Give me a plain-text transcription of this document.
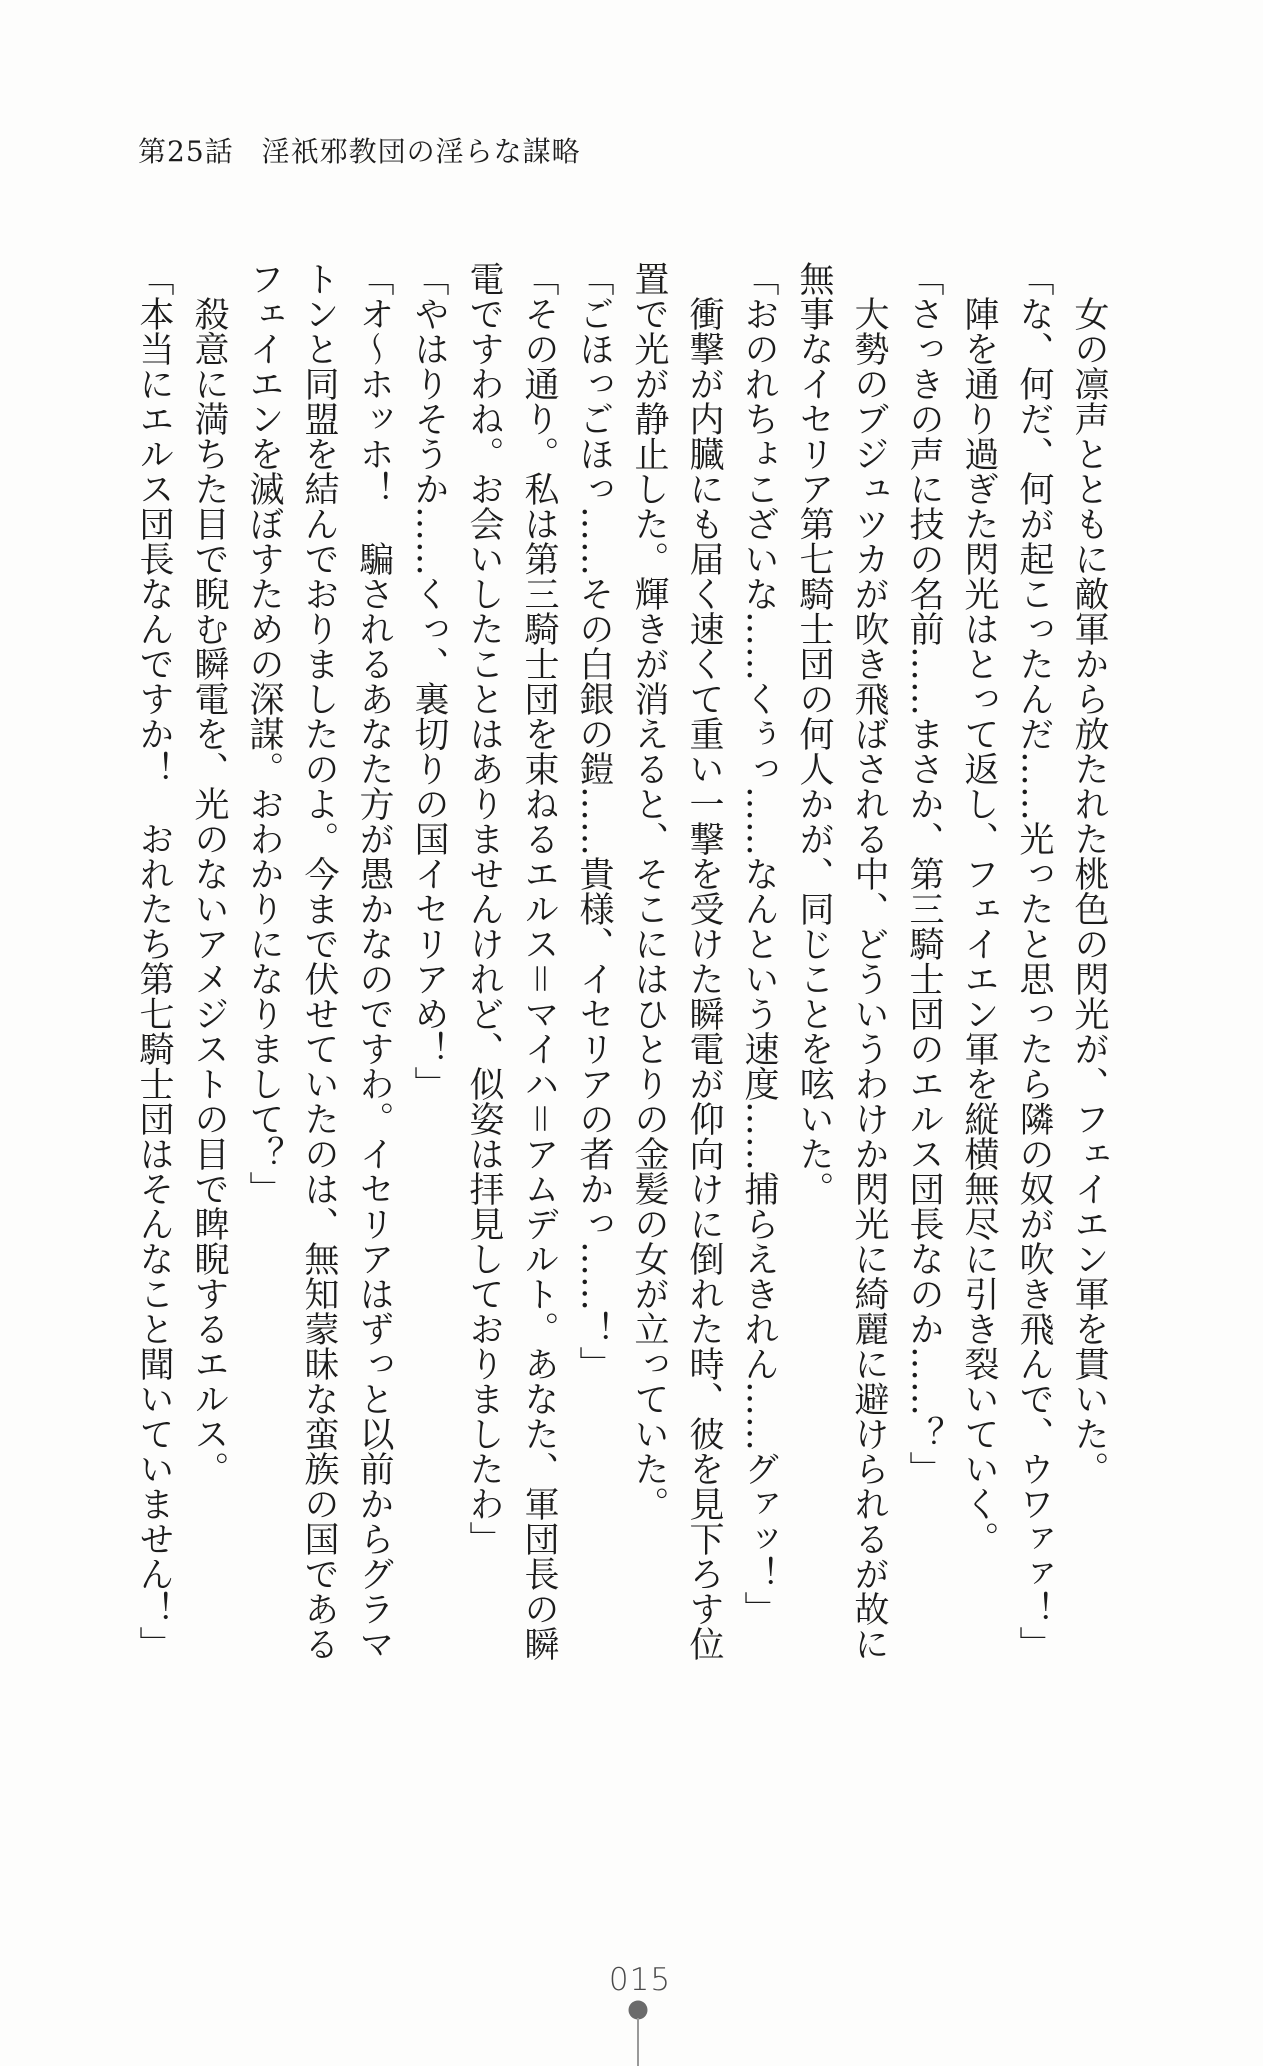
第25話 淫祇邪教団の淫らな謀略

　女の凛声とともに敵軍から放たれた桃色の閃光が、フェイエン軍を貫いた。

「な、何だ、何が起こったんだ……光ったと思ったら隣の奴が吹き飛んで、ウワァァ！」

　陣を通り過ぎた閃光はとって返し、フェイエン軍を縦横無尽に引き裂いていく。

「さっきの声に技の名前……まさか、第三騎士団のエルス団長なのか……？」

　大勢のブジュツカが吹き飛ばされる中、どういうわけか閃光に綺麗に避けられるが故に

無事なイセリア第七騎士団の何人かが、同じことを呟いた。

「おのれちょこざいな……くぅっ……なんという速度……捕らえきれん……グァッ！」

　衝撃が内臓にも届く速くて重い一撃を受けた瞬電が仰向けに倒れた時、彼を見下ろす位

置で光が静止した。輝きが消えると、そこにはひとりの金髪の女が立っていた。

「ごほっごほっ……その白銀の鎧……貴様、イセリアの者かっ……！」

「その通り。私は第三騎士団を束ねるエルス＝マイハ＝アムデルト。あなた、軍団長の瞬

電ですわね。お会いしたことはありませんけれど、似姿は拝見しておりましたわ」

「やはりそうか……くっ、裏切りの国イセリアめ！」

「オ〜ホッホ！　騙されるあなた方が愚かなのですわ。イセリアはずっと以前からグラマ

トンと同盟を結んでおりましたのよ。今まで伏せていたのは、無知蒙昧な蛮族の国である

フェイエンを滅ぼすための深謀。おわかりになりまして？」

　殺意に満ちた目で睨む瞬電を、光のないアメジストの目で睥睨するエルス。

「本当にエルス団長なんですか！　おれたち第七騎士団はそんなこと聞いていません！」

015
